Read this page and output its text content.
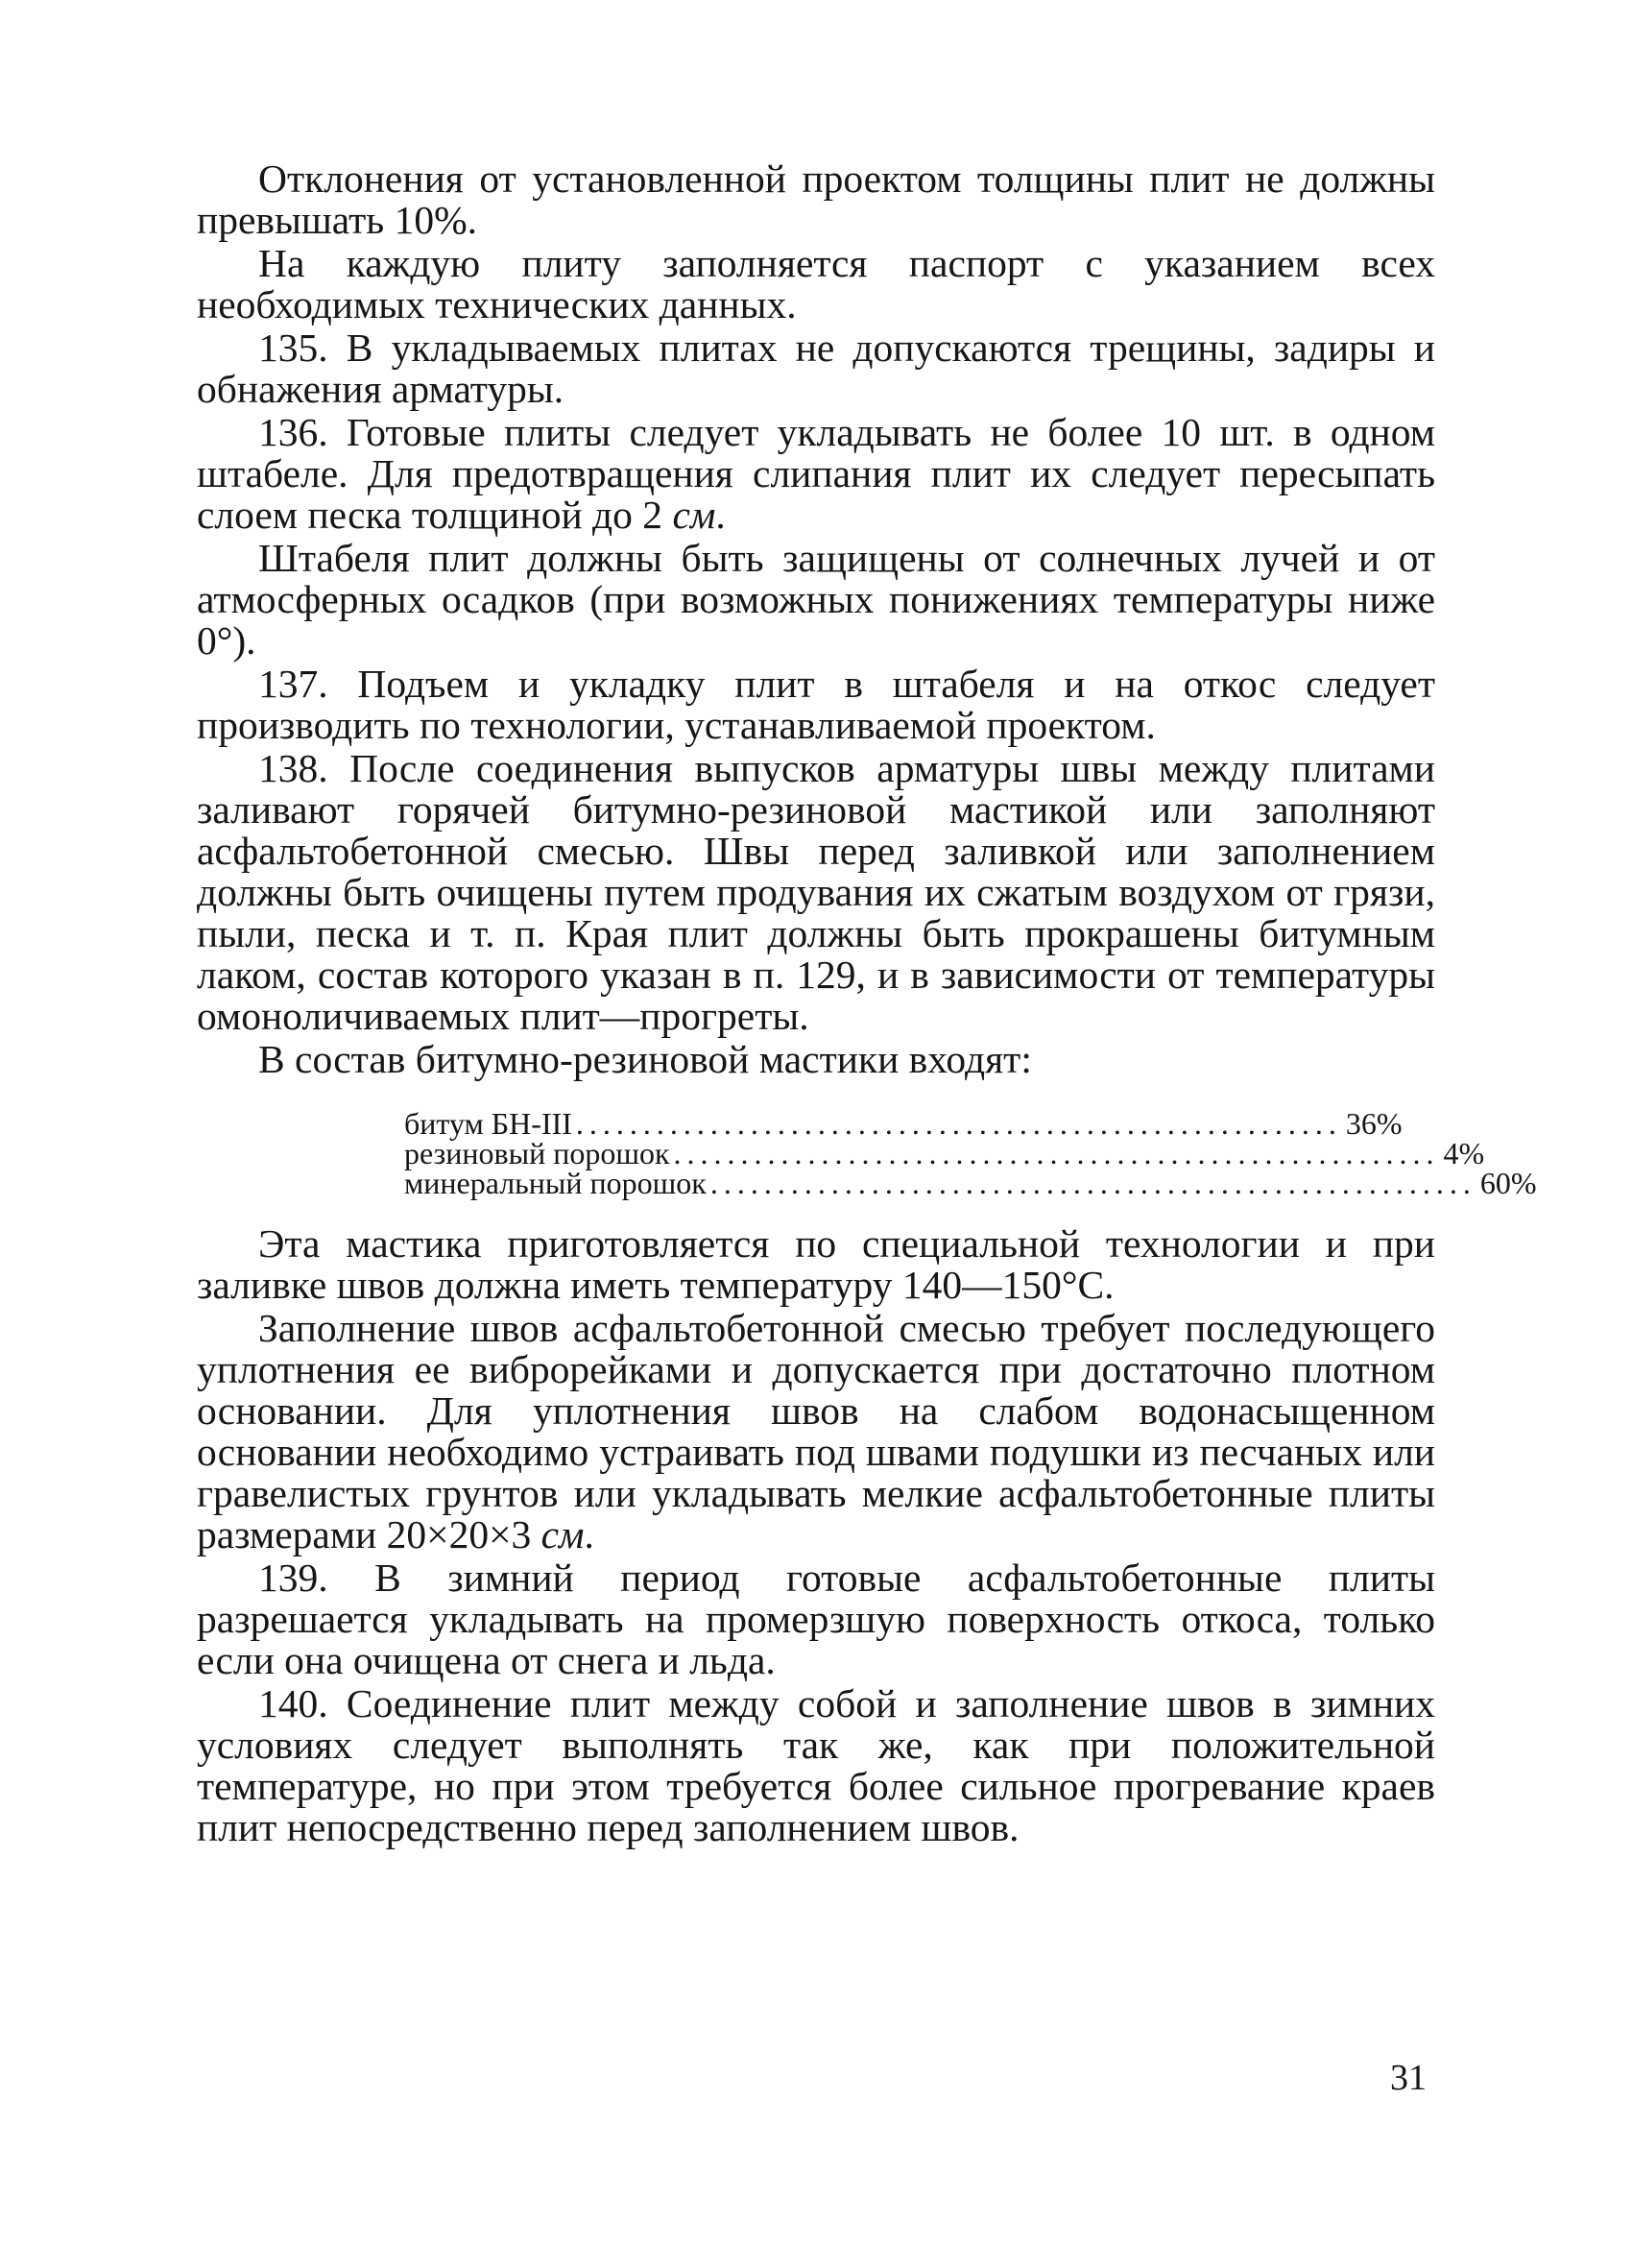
Отклонения от установленной проектом толщины плит не должны превышать 10%.

На каждую плиту заполняется паспорт с указанием всех необходимых технических данных.

135. В укладываемых плитах не допускаются трещины, задиры и обнажения арматуры.

136. Готовые плиты следует укладывать не более 10 шт. в одном штабеле. Для предотвращения слипания плит их следует пересыпать слоем песка толщиной до 2 см.

Штабеля плит должны быть защищены от солнечных лучей и от атмосферных осадков (при возможных понижениях температуры ниже 0°).

137. Подъем и укладку плит в штабеля и на откос следует производить по технологии, устанавливаемой проектом.

138. После соединения выпусков арматуры швы между плитами заливают горячей битумно-резиновой мастикой или заполняют асфальтобетонной смесью. Швы перед заливкой или заполнением должны быть очищены путем продувания их сжатым воздухом от грязи, пыли, песка и т. п. Края плит должны быть прокрашены битумным лаком, состав которого указан в п. 129, и в зависимости от температуры омоноличиваемых плит—прогреты.

В состав битумно-резиновой мастики входят:

битум БН-III ......................................................... 36%
резиновый порошок ......................................................... 4%
минеральный порошок ......................................................... 60%

Эта мастика приготовляется по специальной технологии и при заливке швов должна иметь температуру 140—150°С.

Заполнение швов асфальтобетонной смесью требует последующего уплотнения ее виброрейками и допускается при достаточно плотном основании. Для уплотнения швов на слабом водонасыщенном основании необходимо устраивать под швами подушки из песчаных или гравелистых грунтов или укладывать мелкие асфальтобетонные плиты размерами 20×20×3 см.

139. В зимний период готовые асфальтобетонные плиты разрешается укладывать на промерзшую поверхность откоса, только если она очищена от снега и льда.

140. Соединение плит между собой и заполнение швов в зимних условиях следует выполнять так же, как при положительной температуре, но при этом требуется более сильное прогревание краев плит непосредственно перед заполнением швов.

31
